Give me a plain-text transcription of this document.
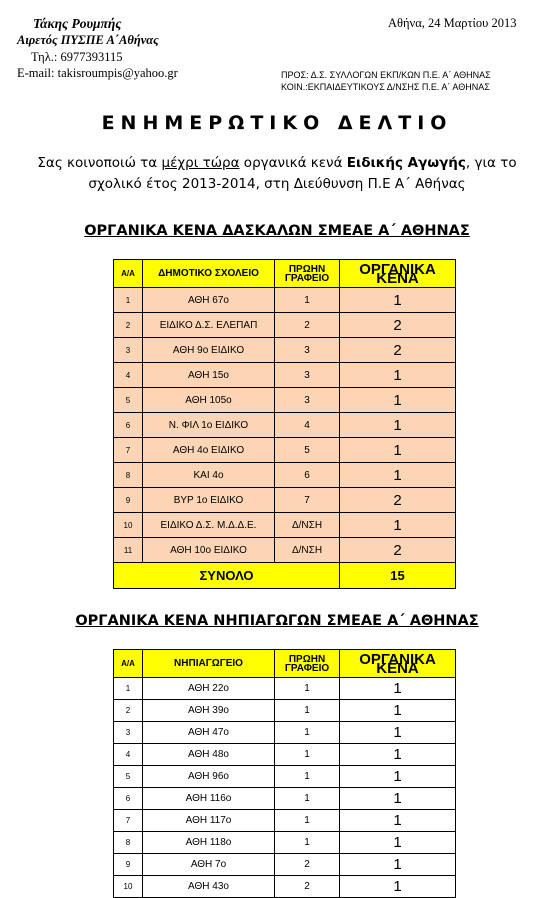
Τάκης Ρουμπής
Αιρετός ΠΥΣΠΕ Α΄Αθήνας
Τηλ.: 6977393115
E-mail: takisroumpis@yahoo.gr
Αθήνα, 24 Μαρτίου 2013
ΠΡΟΣ: Δ.Σ. ΣΥΛΛΟΓΩΝ ΕΚΠ/ΚΩΝ Π.Ε. Α΄ ΑΘΗΝΑΣ
ΚΟΙΝ.:ΕΚΠΑΙΔΕΥΤΙΚΟΥΣ Δ/ΝΣΗΣ Π.Ε. Α΄ ΑΘΗΝΑΣ
ΕΝΗΜΕΡΩΤΙΚΟ ΔΕΛΤΙΟ
Σας κοινοποιώ τα μέχρι τώρα οργανικά κενά Ειδικής Αγωγής, για το
σχολικό έτος 2013-2014, στη Διεύθυνση Π.Ε Α΄ Αθήνας
ΟΡΓΑΝΙΚΑ ΚΕΝΑ ΔΑΣΚΑΛΩΝ ΣΜΕΑΕ Α΄ ΑΘΗΝΑΣ
Α/Α	ΔΗΜΟΤΙΚΟ ΣΧΟΛΕΙΟ	ΠΡΩΗΝ ΓΡΑΦΕΙΟ	ΟΡΓΑΝΙΚΑ ΚΕΝΑ
1	ΑΘΗ 67ο	1	1
2	ΕΙΔΙΚΟ Δ.Σ. ΕΛΕΠΑΠ	2	2
3	ΑΘΗ 9ο ΕΙΔΙΚΟ	3	2
4	ΑΘΗ 15ο	3	1
5	ΑΘΗ 105ο	3	1
6	Ν. ΦΙΛ 1ο ΕΙΔΙΚΟ	4	1
7	ΑΘΗ 4ο ΕΙΔΙΚΟ	5	1
8	ΚΑΙ 4ο	6	1
9	ΒΥΡ 1ο ΕΙΔΙΚΟ	7	2
10	ΕΙΔΙΚΟ Δ.Σ. Μ.Δ.Δ.Ε.	Δ/ΝΣΗ	1
11	ΑΘΗ 10ο ΕΙΔΙΚΟ	Δ/ΝΣΗ	2
ΣΥΝΟΛΟ			15
ΟΡΓΑΝΙΚΑ ΚΕΝΑ ΝΗΠΙΑΓΩΓΩΝ ΣΜΕΑΕ Α΄ ΑΘΗΝΑΣ
Α/Α	ΝΗΠΙΑΓΩΓΕΙΟ	ΠΡΩΗΝ ΓΡΑΦΕΙΟ	ΟΡΓΑΝΙΚΑ ΚΕΝΑ
1	ΑΘΗ 22ο	1	1
2	ΑΘΗ 39ο	1	1
3	ΑΘΗ 47ο	1	1
4	ΑΘΗ 48ο	1	1
5	ΑΘΗ 96ο	1	1
6	ΑΘΗ 116ο	1	1
7	ΑΘΗ 117ο	1	1
8	ΑΘΗ 118ο	1	1
9	ΑΘΗ 7ο	2	1
10	ΑΘΗ 43ο	2	1
